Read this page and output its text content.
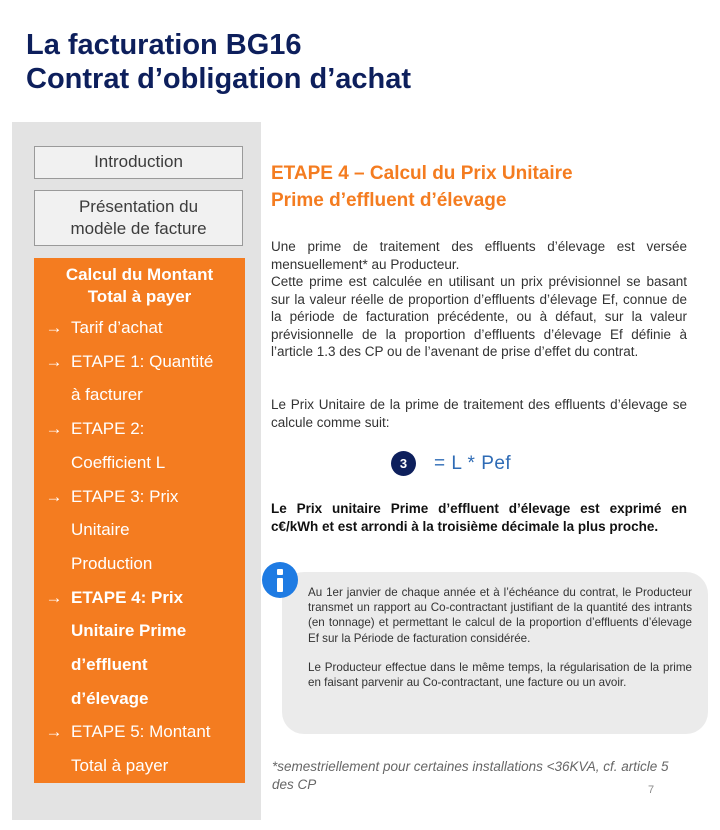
La facturation BG16
Contrat d’obligation d’achat
Introduction
Présentation du
modèle de facture
Calcul du Montant
Total à payer
→ Tarif d’achat
→ ETAPE 1: Quantité
à facturer
→ ETAPE 2:
Coefficient L
→ ETAPE 3: Prix
Unitaire
Production
→ ETAPE 4: Prix
Unitaire Prime
d’effluent
d’élevage
→ ETAPE 5: Montant
Total à payer
ETAPE 4 – Calcul du Prix Unitaire
Prime d’effluent d’élevage
Une prime de traitement des effluents d’élevage est versée mensuellement* au Producteur.
Cette prime est calculée en utilisant un prix prévisionnel se basant sur la valeur réelle de proportion d’effluents d’élevage Ef, connue de la période de facturation précédente, ou à défaut, sur la valeur prévisionnelle de la proportion d’effluents d’élevage Ef définie à l’article 1.3 des CP ou de l’avenant de prise d’effet du contrat.
Le Prix Unitaire de la prime de traitement des effluents d’élevage se calcule comme suit:
3	= L * Pef
Le Prix unitaire Prime d’effluent d’élevage est exprimé en c€/kWh et est arrondi à la troisième décimale la plus proche.
Au 1er janvier de chaque année et à l’échéance du contrat, le Producteur transmet un rapport au Co-contractant justifiant de la quantité des intrants (en tonnage) et permettant le calcul de la proportion d’effluents d’élevage Ef sur la Période de facturation considérée.
Le Producteur effectue dans le même temps, la régularisation de la prime en faisant parvenir au Co-contractant, une facture ou un avoir.
*semestriellement pour certaines installations <36KVA, cf. article 5 des CP	7
